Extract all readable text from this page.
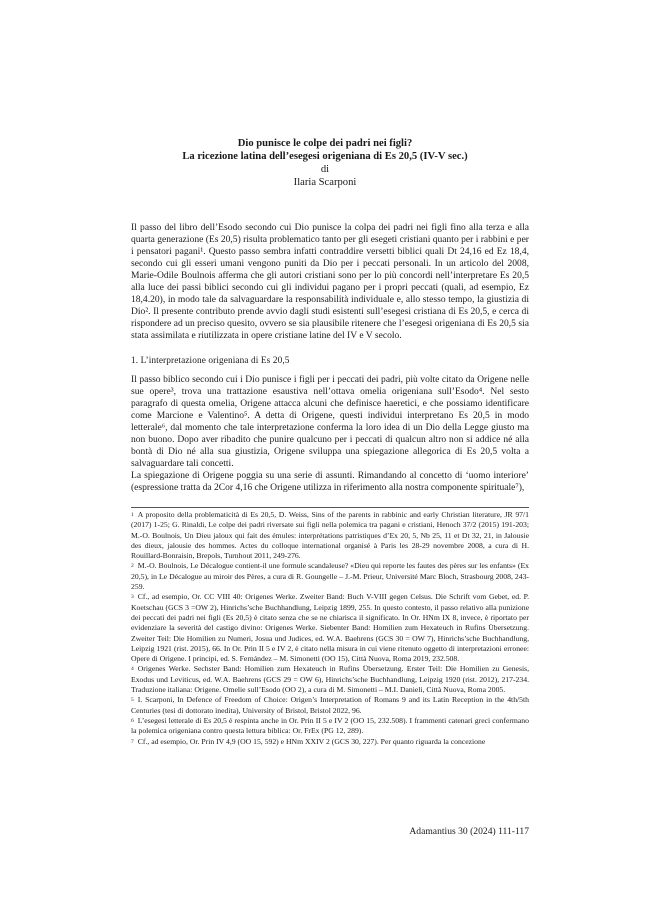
Dio punisce le colpe dei padri nei figli?
La ricezione latina dell’esegesi origeniana di Es 20,5 (IV-V sec.)
di
Ilaria Scarponi

Il passo del libro dell’Esodo secondo cui Dio punisce la colpa dei padri nei figli fino alla terza e alla quarta generazione (Es 20,5) risulta problematico tanto per gli esegeti cristiani quanto per i rabbini e per i pensatori pagani¹. Questo passo sembra infatti contraddire versetti biblici quali Dt 24,16 ed Ez 18,4, secondo cui gli esseri umani vengono puniti da Dio per i peccati personali. In un articolo del 2008, Marie-Odile Boulnois afferma che gli autori cristiani sono per lo più concordi nell’interpretare Es 20,5 alla luce dei passi biblici secondo cui gli individui pagano per i propri peccati (quali, ad esempio, Ez 18,4.20), in modo tale da salvaguardare la responsabilità individuale e, allo stesso tempo, la giustizia di Dio². Il presente contributo prende avvio dagli studi esistenti sull’esegesi cristiana di Es 20,5, e cerca di rispondere ad un preciso quesito, ovvero se sia plausibile ritenere che l’esegesi origeniana di Es 20,5 sia stata assimilata e riutilizzata in opere cristiane latine del IV e V secolo.

1. L’interpretazione origeniana di Es 20,5

Il passo biblico secondo cui i Dio punisce i figli per i peccati dei padri, più volte citato da Origene nelle sue opere³, trova una trattazione esaustiva nell’ottava omelia origeniana sull’Esodo⁴. Nel sesto paragrafo di questa omelia, Origene attacca alcuni che definisce haeretici, e che possiamo identificare come Marcione e Valentino⁵. A detta di Origene, questi individui interpretano Es 20,5 in modo letterale⁶, dal momento che tale interpretazione conferma la loro idea di un Dio della Legge giusto ma non buono. Dopo aver ribadito che punire qualcuno per i peccati di qualcun altro non si addice né alla bontà di Dio né alla sua giustizia, Origene sviluppa una spiegazione allegorica di Es 20,5 volta a salvaguardare tali concetti.

La spiegazione di Origene poggia su una serie di assunti. Rimandando al concetto di ‘uomo interiore’ (espressione tratta da 2Cor 4,16 che Origene utilizza in riferimento alla nostra componente spirituale⁷),

$^1$ A proposito della problematicità di Es 20,5, D. Weiss, Sins of the parents in rabbinic and early Christian literature, JR 97/1 (2017) 1-25; G. Rinaldi, Le colpe dei padri riversate sui figli nella polemica tra pagani e cristiani, Henoch 37/2 (2015) 191-203; M.-O. Boulnois, Un Dieu jaloux qui fait des émules: interprétations patristiques d’Ex 20, 5, Nb 25, 11 et Dt 32, 21, in Jalousie des dieux, jalousie des hommes. Actes du colloque international organisé à Paris les 28-29 novembre 2008, a cura di H. Rouillard-Bonraisin, Brepols, Turnhout 2011, 249-276.

$^2$ M.-O. Boulnois, Le Décalogue contient-il une formule scandaleuse? «Dieu qui reporte les fautes des pères sur les enfants» (Ex 20,5), in Le Décalogue au miroir des Pères, a cura di R. Goungelle – J.-M. Prieur, Université Marc Bloch, Strasbourg 2008, 243-259.

$^3$ Cf., ad esempio, Or. CC VIII 40: Origenes Werke. Zweiter Band: Buch V-VIII gegen Celsus. Die Schrift vom Gebet, ed. P. Koetschau (GCS 3 =OW 2), Hinrichs’sche Buchhandlung, Leipzig 1899, 255. In questo contesto, il passo relativo alla punizione dei peccati dei padri nei figli (Es 20,5) è citato senza che se ne chiarisca il significato. In Or. HNm IX 8, invece, è riportato per evidenziare la severità del castigo divino: Origenes Werke. Siebenter Band: Homilien zum Hexateuch in Rufins Übersetzung. Zweiter Teil: Die Homilien zu Numeri, Josua und Judices, ed. W.A. Baehrens (GCS 30 = OW 7), Hinrichs’sche Buchhandlung, Leipzig 1921 (rist. 2015), 66. In Or. Prin II 5 e IV 2, è citato nella misura in cui viene ritenuto oggetto di interpretazioni erronee: Opere di Origene. I principi, ed. S. Fernández – M. Simonetti (OO 15), Città Nuova, Roma 2019, 232.508.

$^4$ Origenes Werke. Sechster Band: Homilien zum Hexateuch in Rufins Übersetzung. Erster Teil: Die Homilien zu Genesis, Exodus und Leviticus, ed. W.A. Baehrens (GCS 29 = OW 6), Hinrichs’sche Buchhandlung, Leipzig 1920 (rist. 2012), 217-234. Traduzione italiana: Origene. Omelie sull’Esodo (OO 2), a cura di M. Simonetti – M.I. Danieli, Città Nuova, Roma 2005.

$^5$ I. Scarponi, In Defence of Freedom of Choice: Origen’s Interpretation of Romans 9 and its Latin Reception in the 4th/5th Centuries (tesi di dottorato inedita), University of Bristol, Bristol 2022, 96.

$^6$ L’esegesi letterale di Es 20,5 è respinta anche in Or. Prin II 5 e IV 2 (OO 15, 232.508). I frammenti catenari greci confermano la polemica origeniana contro questa lettura biblica: Or. FrEx (PG 12, 289).

$^7$ Cf., ad esempio, Or. Prin IV 4,9 (OO 15, 592) e HNm XXIV 2 (GCS 30, 227). Per quanto riguarda la concezione

Adamantius 30 (2024) 111-117
